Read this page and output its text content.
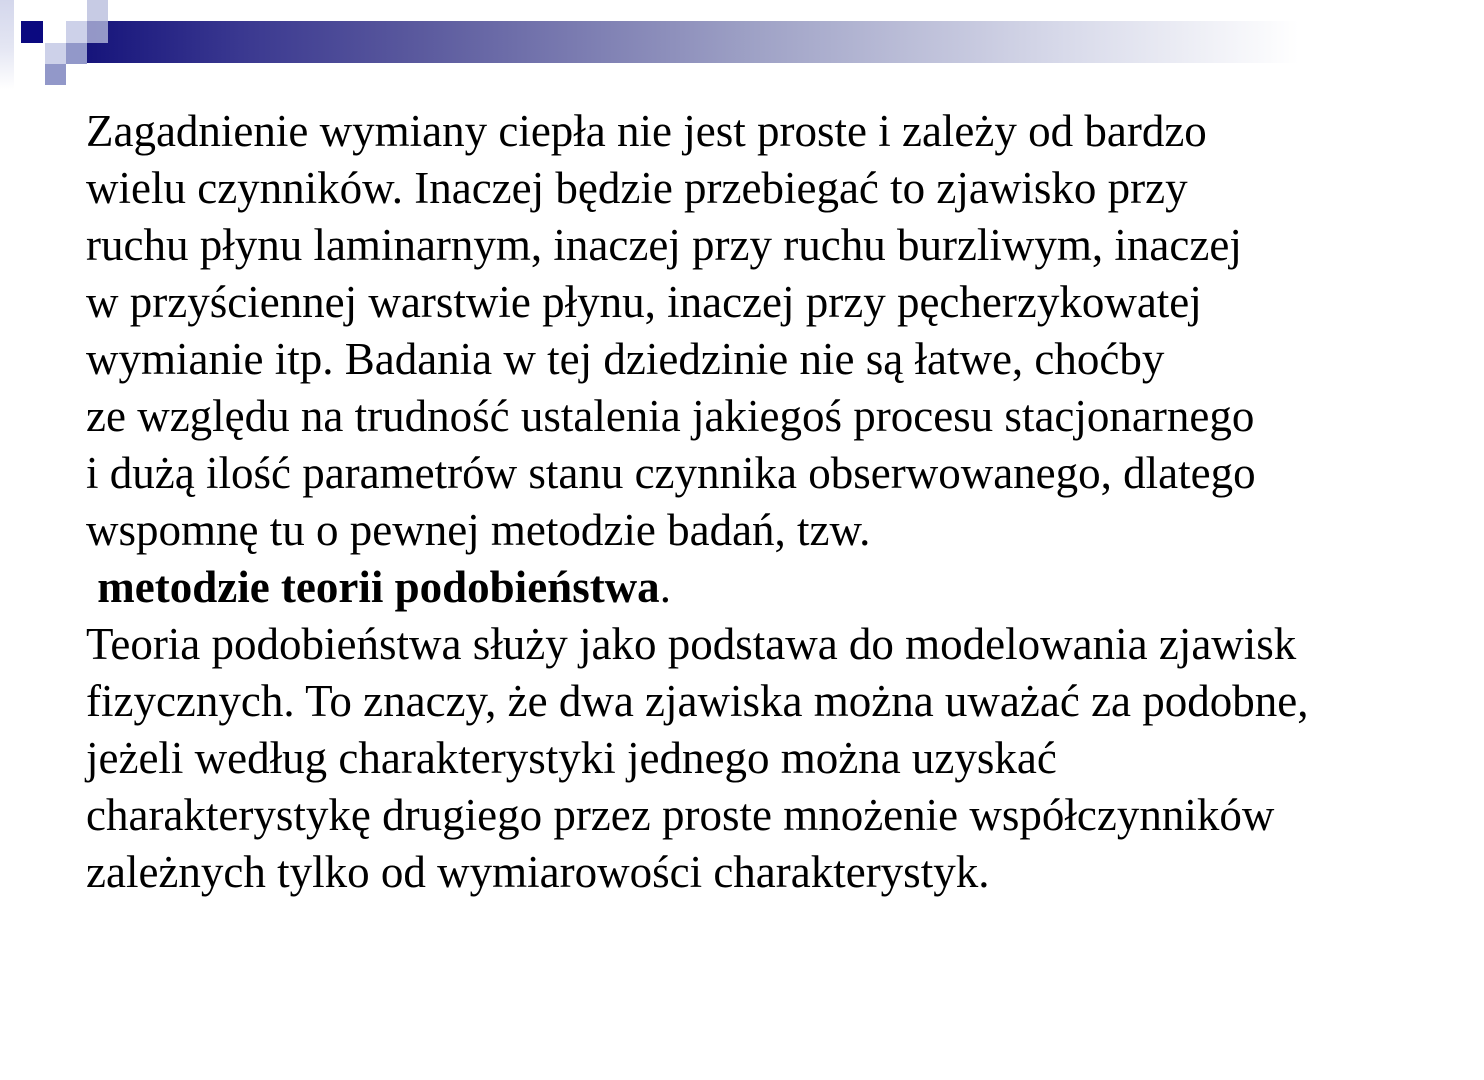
Zagadnienie wymiany ciepła nie jest proste i zależy od bardzo
wielu czynników. Inaczej będzie przebiegać to zjawisko przy
ruchu płynu laminarnym, inaczej przy ruchu burzliwym, inaczej
w przyściennej warstwie płynu, inaczej przy pęcherzykowatej
wymianie itp. Badania w tej dziedzinie nie są łatwe, choćby
ze względu na trudność ustalenia jakiegoś procesu stacjonarnego
i dużą ilość parametrów stanu czynnika obserwowanego, dlatego
wspomnę tu o pewnej metodzie badań, tzw.
metodzie teorii podobieństwa.
Teoria podobieństwa służy jako podstawa do modelowania zjawisk
fizycznych. To znaczy, że dwa zjawiska można uważać za podobne,
jeżeli według charakterystyki jednego można uzyskać
charakterystykę drugiego przez proste mnożenie współczynników
zależnych tylko od wymiarowości charakterystyk.
